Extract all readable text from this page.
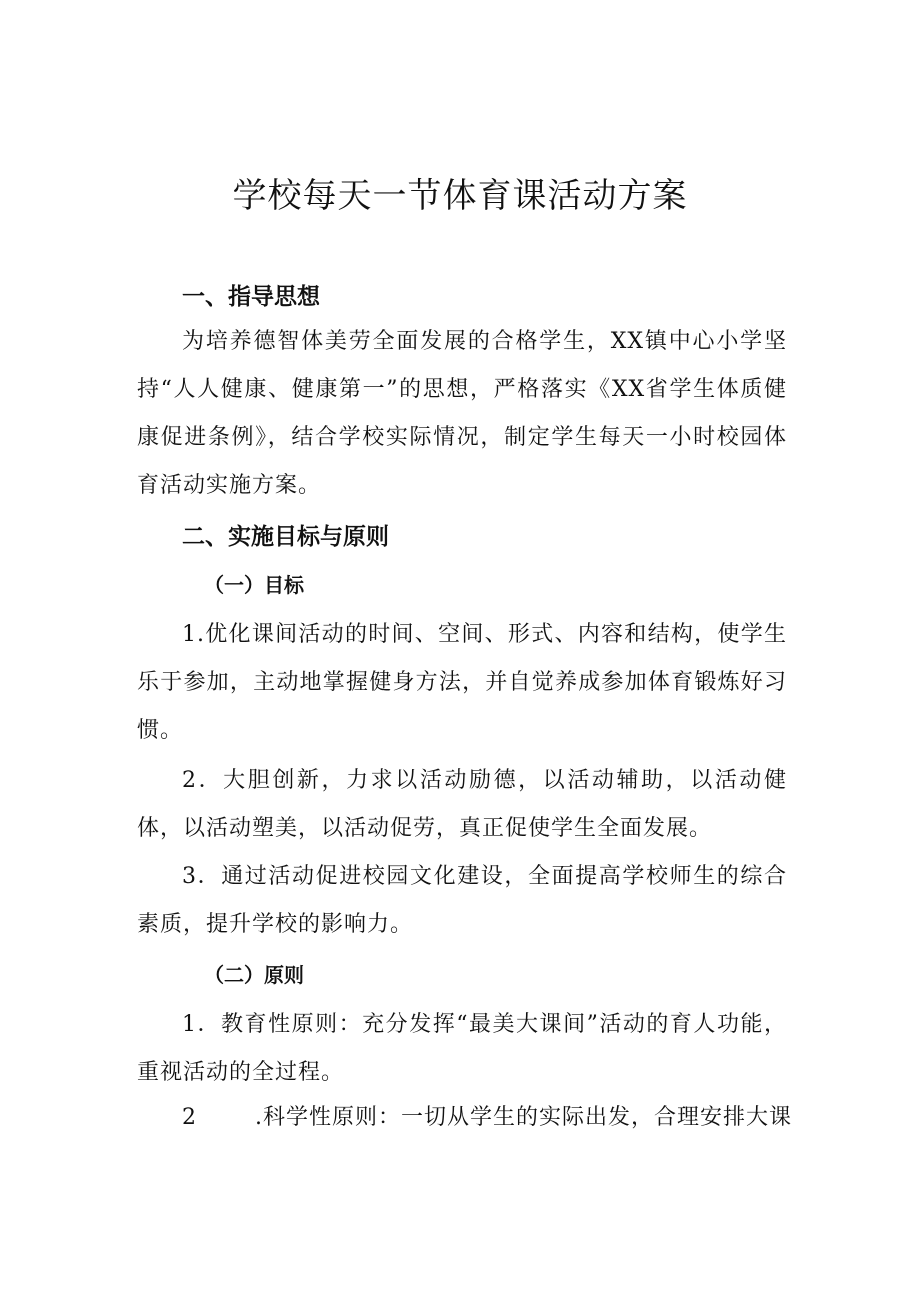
学校每天一节体育课活动方案
一、指导思想

为培养德智体美劳全面发展的合格学生，XX镇中心小学坚持“人人健康、健康第一”的思想，严格落实《XX省学生体质健康促进条例》，结合学校实际情况，制定学生每天一小时校园体育活动实施方案。

二、实施目标与原则
（一）目标

1.优化课间活动的时间、空间、形式、内容和结构，使学生乐于参加，主动地掌握健身方法，并自觉养成参加体育锻炼好习惯。

2．大胆创新，力求以活动励德，以活动辅助，以活动健体，以活动塑美，以活动促劳，真正促使学生全面发展。

3．通过活动促进校园文化建设，全面提高学校师生的综合素质，提升学校的影响力。

（二）原则

1．教育性原则：充分发挥“最美大课间”活动的育人功能，重视活动的全过程。

2	.科学性原则：一切从学生的实际出发，合理安排大课
